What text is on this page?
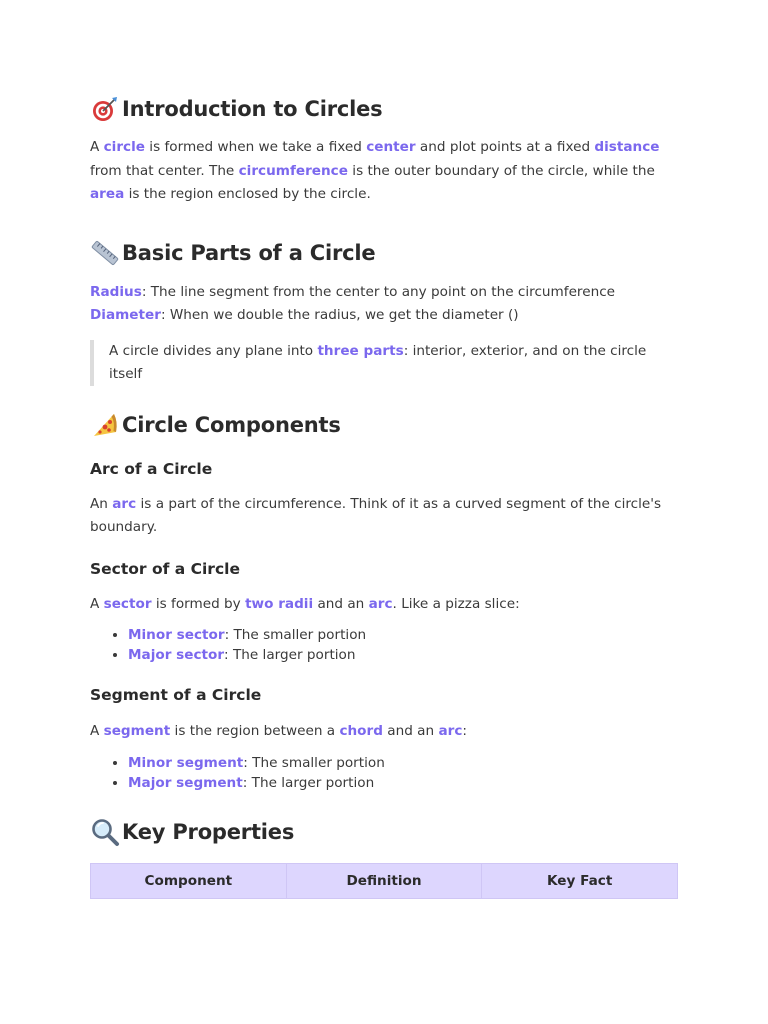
Introduction to Circles

A circle is formed when we take a fixed center and plot points at a fixed distance from that center. The circumference is the outer boundary of the circle, while the area is the region enclosed by the circle.

Basic Parts of a Circle

Radius: The line segment from the center to any point on the circumference Diameter: When we double the radius, we get the diameter ()

A circle divides any plane into three parts: interior, exterior, and on the circle itself
Circle Components
Arc of a Circle

An arc is a part of the circumference. Think of it as a curved segment of the circle's boundary.

Sector of a Circle

A sector is formed by two radii and an arc. Like a pizza slice:

• Minor sector: The smaller portion
• Major sector: The larger portion
Segment of a Circle

A segment is the region between a chord and an arc:

• Minor segment: The smaller portion
• Major segment: The larger portion
Key Properties
Component	Definition	Key Fact
